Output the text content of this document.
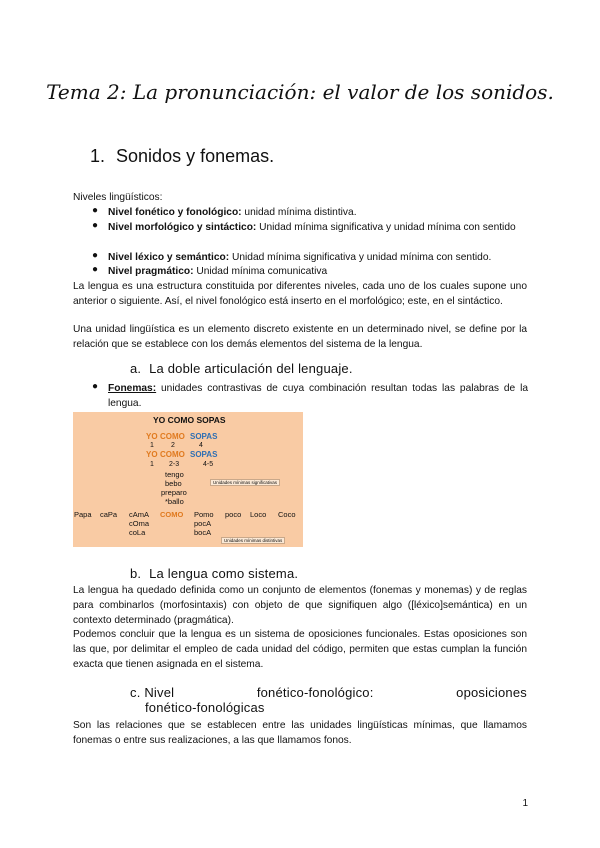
Tema 2: La pronunciación: el valor de los sonidos.
1. Sonidos y fonemas.
Niveles lingüísticos:
● Nivel fonético y fonológico: unidad mínima distintiva.
● Nivel morfológico y sintáctico: Unidad mínima significativa y unidad mínima con sentido
● Nivel léxico y semántico: Unidad mínima significativa y unidad mínima con sentido.
● Nivel pragmático: Unidad mínima comunicativa
La lengua es una estructura constituida por diferentes niveles, cada uno de los cuales supone uno anterior o siguiente. Así, el nivel fonológico está inserto en el morfológico; este, en el sintáctico.
Una unidad lingüística es un elemento discreto existente en un determinado nivel, se define por la relación que se establece con los demás elementos del sistema de la lengua.
a. La doble articulación del lenguaje.
● Fonemas: unidades contrastivas de cuya combinación resultan todas las palabras de la lengua.
YO COMO SOPAS
YO COMO SOPAS
1 2	4
YO COMO SOPAS
1 2-3	4-5
tengo
bebo
preparo
*ballo
Unidades mínimas significativas
Papa caPa cAmA COMO Pomo poco Loco Coco
cOma
coLa
pocA
bocA
Unidades mínimas distintivas
b. La lengua como sistema.
La lengua ha quedado definida como un conjunto de elementos (fonemas y monemas) y de reglas para combinarlos (morfosintaxis) con objeto de que signifiquen algo ([léxico]semántica) en un contexto determinado (pragmática).
Podemos concluir que la lengua es un sistema de oposiciones funcionales. Estas oposiciones son las que, por delimitar el empleo de cada unidad del código, permiten que estas cumplan la función exacta que tienen asignada en el sistema.
c. Nivel	fonético-fonológico:	oposiciones
fonético-fonológicas
Son las relaciones que se establecen entre las unidades lingüísticas mínimas, que llamamos fonemas o entre sus realizaciones, a las que llamamos fonos.
1
